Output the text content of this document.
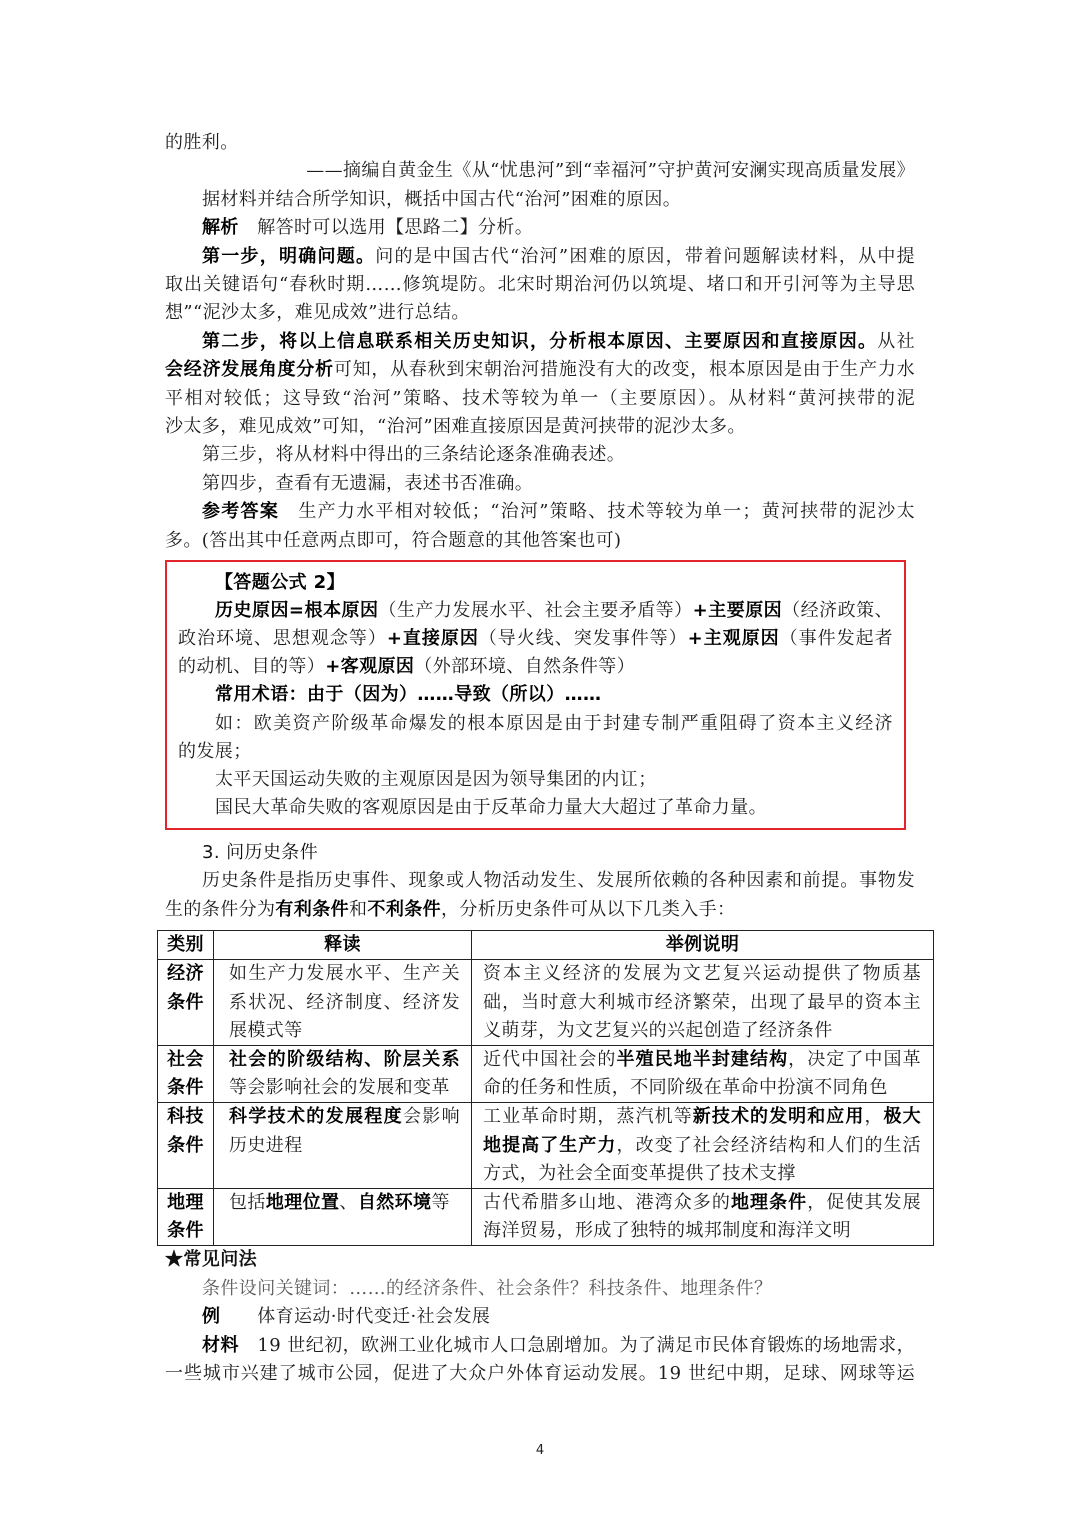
的胜利。
——摘编自黄金生《从“忧患河”到“幸福河”守护黄河安澜实现高质量发展》
据材料并结合所学知识，概括中国古代“治河”困难的原因。
解析　解答时可以选用【思路二】分析。
第一步，明确问题。问的是中国古代“治河”困难的原因，带着问题解读材料，从中提
取出关键语句“春秋时期……修筑堤防。北宋时期治河仍以筑堤、堵口和开引河等为主导思
想”“泥沙太多，难见成效”进行总结。
第二步，将以上信息联系相关历史知识，分析根本原因、主要原因和直接原因。从社
会经济发展角度分析可知，从春秋到宋朝治河措施没有大的改变，根本原因是由于生产力水
平相对较低；这导致“治河”策略、技术等较为单一（主要原因）。从材料“黄河挟带的泥
沙太多，难见成效”可知，“治河”困难直接原因是黄河挟带的泥沙太多。
第三步，将从材料中得出的三条结论逐条准确表述。
第四步，查看有无遗漏，表述书否准确。
参考答案　生产力水平相对较低；“治河”策略、技术等较为单一；黄河挟带的泥沙太
多。(答出其中任意两点即可，符合题意的其他答案也可)
【答题公式 2】
历史原因=根本原因（生产力发展水平、社会主要矛盾等）+主要原因（经济政策、
政治环境、思想观念等）+直接原因（导火线、突发事件等）+主观原因（事件发起者
的动机、目的等）+客观原因（外部环境、自然条件等）
常用术语：由于（因为）……导致（所以）……
如：欧美资产阶级革命爆发的根本原因是由于封建专制严重阻碍了资本主义经济
的发展；
太平天国运动失败的主观原因是因为领导集团的内讧；
国民大革命失败的客观原因是由于反革命力量大大超过了革命力量。
3. 问历史条件
历史条件是指历史事件、现象或人物活动发生、发展所依赖的各种因素和前提。事物发
生的条件分为有利条件和不利条件，分析历史条件可从以下几类入手：
类别	释读	举例说明
经济条件	如生产力发展水平、生产关
系状况、经济制度、经济发
展模式等	资本主义经济的发展为文艺复兴运动提供了物质基
础，当时意大利城市经济繁荣，出现了最早的资本主
义萌芽，为文艺复兴的兴起创造了经济条件

社会条件	社会的阶级结构、阶层关系
等会影响社会的发展和变革	近代中国社会的半殖民地半封建结构，决定了中国革
命的任务和性质，不同阶级在革命中扮演不同角色

科技条件	科学技术的发展程度会影响
历史进程	工业革命时期，蒸汽机等新技术的发明和应用，极大
地提高了生产力，改变了社会经济结构和人们的生活
方式，为社会全面变革提供了技术支撑

地理条件	包括地理位置、自然环境等	古代希腊多山地、港湾众多的地理条件，促使其发展
海洋贸易，形成了独特的城邦制度和海洋文明
★常见问法
条件设问关键词：……的经济条件、社会条件？科技条件、地理条件？
例　　体育运动·时代变迁·社会发展
材料　19 世纪初，欧洲工业化城市人口急剧增加。为了满足市民体育锻炼的场地需求，
一些城市兴建了城市公园，促进了大众户外体育运动发展。19 世纪中期，足球、网球等运
4
